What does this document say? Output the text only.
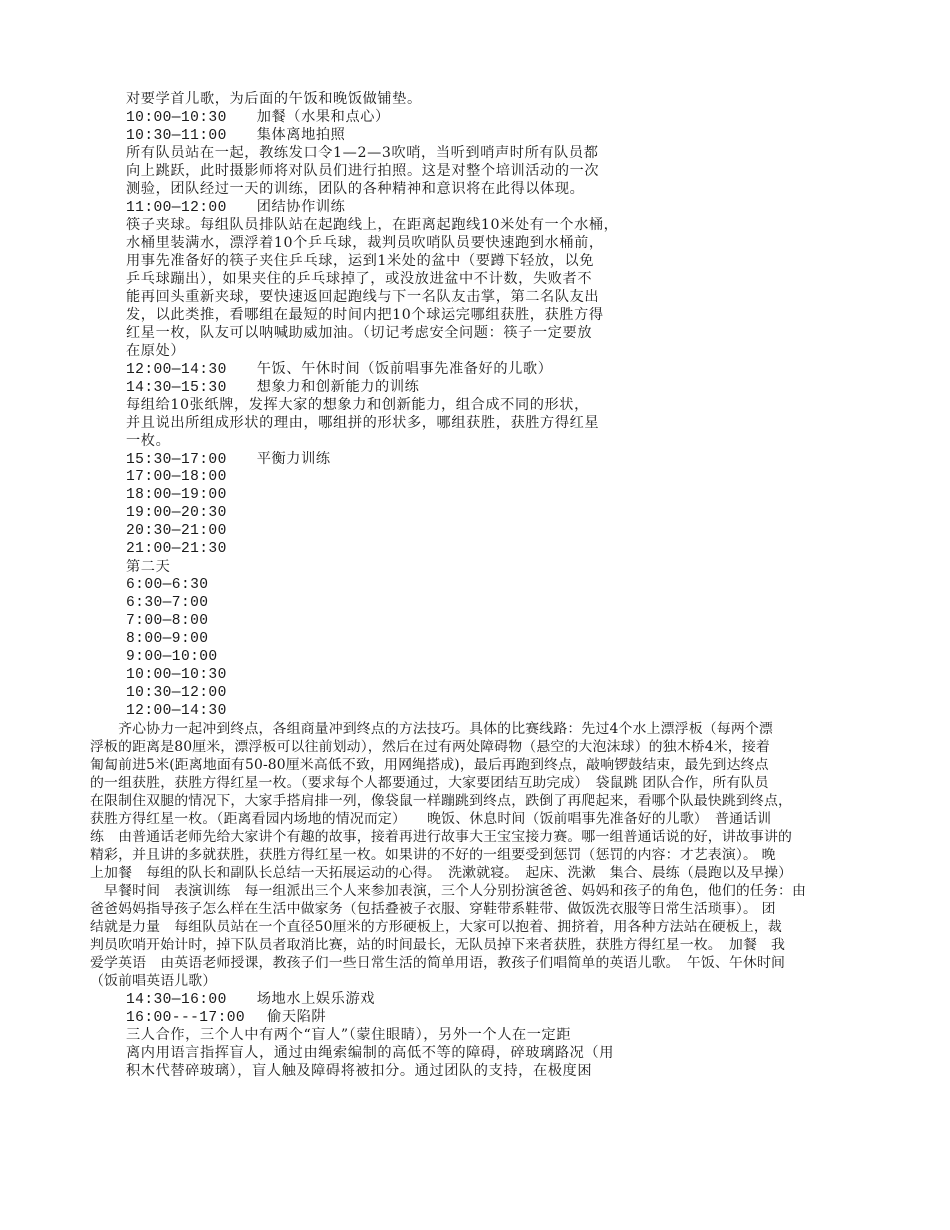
对要学首儿歌，为后面的午饭和晚饭做铺垫。
10:00—10:30 加餐（水果和点心）
10:30—11:00 集体离地拍照
所有队员站在一起，教练发口令1—2—3吹哨，当听到哨声时所有队员都
向上跳跃，此时摄影师将对队员们进行拍照。这是对整个培训活动的一次
测验，团队经过一天的训练，团队的各种精神和意识将在此得以体现。
11:00—12:00 团结协作训练
筷子夹球。每组队员排队站在起跑线上，在距离起跑线10米处有一个水桶，
水桶里装满水，漂浮着10个乒乓球，裁判员吹哨队员要快速跑到水桶前，
用事先准备好的筷子夹住乒乓球，运到1米处的盆中（要蹲下轻放，以免
乒乓球蹦出），如果夹住的乒乓球掉了，或没放进盆中不计数，失败者不
能再回头重新夹球，要快速返回起跑线与下一名队友击掌，第二名队友出
发，以此类推，看哪组在最短的时间内把10个球运完哪组获胜，获胜方得
红星一枚，队友可以呐喊助威加油。（切记考虑安全问题：筷子一定要放
在原处）
12:00—14:30 午饭、午休时间（饭前唱事先准备好的儿歌）
14:30—15:30 想象力和创新能力的训练
每组给10张纸牌，发挥大家的想象力和创新能力，组合成不同的形状，
并且说出所组成形状的理由，哪组拼的形状多，哪组获胜，获胜方得红星
一枚。
15:30—17:00 平衡力训练
17:00—18:00
18:00—19:00
19:00—20:30
20:30—21:00
21:00—21:30
第二天
6:00—6:30
6:30—7:00
7:00—8:00
8:00—9:00
9:00—10:00
10:00—10:30
10:30—12:00
12:00—14:30
　　齐心协力一起冲到终点，各组商量冲到终点的方法技巧。具体的比赛线路：先过4个水上漂浮板（每两个漂
浮板的距离是80厘米，漂浮板可以往前划动），然后在过有两处障碍物（悬空的大泡沫球）的独木桥4米，接着
匍匐前进5米(距离地面有50-80厘米高低不致，用网绳搭成)，最后再跑到终点，敲响锣鼓结束，最先到达终点
的一组获胜，获胜方得红星一枚。（要求每个人都要通过，大家要团结互助完成）　袋鼠跳 团队合作，所有队员
在限制住双腿的情况下，大家手搭肩排一列，像袋鼠一样蹦跳到终点，跌倒了再爬起来，看哪个队最快跳到终点，
获胜方得红星一枚。（距离看园内场地的情况而定）　　晚饭、休息时间（饭前唱事先准备好的儿歌）　普通话训
练　由普通话老师先给大家讲个有趣的故事，接着再进行故事大王宝宝接力赛。哪一组普通话说的好，讲故事讲的
精彩，并且讲的多就获胜，获胜方得红星一枚。如果讲的不好的一组要受到惩罚（惩罚的内容：才艺表演）。 晚
上加餐　每组的队长和副队长总结一天拓展运动的心得。　洗漱就寝。　起床、洗漱　集合、晨练（晨跑以及早操）
　早餐时间　表演训练　每一组派出三个人来参加表演，三个人分别扮演爸爸、妈妈和孩子的角色，他们的任务：由
爸爸妈妈指导孩子怎么样在生活中做家务（包括叠被子衣服、穿鞋带系鞋带、做饭洗衣服等日常生活琐事）。 团
结就是力量　每组队员站在一个直径50厘米的方形硬板上，大家可以抱着、拥挤着，用各种方法站在硬板上，裁
判员吹哨开始计时，掉下队员者取消比赛，站的时间最长，无队员掉下来者获胜，获胜方得红星一枚。　加餐　我
爱学英语　由英语老师授课，教孩子们一些日常生活的简单用语，教孩子们唱简单的英语儿歌。　午饭、午休时间
（饭前唱英语儿歌）
14:30—16:00 场地水上娱乐游戏
16:00---17:00 偷天陷阱
三人合作，三个人中有两个“盲人”（蒙住眼睛），另外一个人在一定距
离内用语言指挥盲人，通过由绳索编制的高低不等的障碍，碎玻璃路况（用
积木代替碎玻璃），盲人触及障碍将被扣分。通过团队的支持，在极度困
